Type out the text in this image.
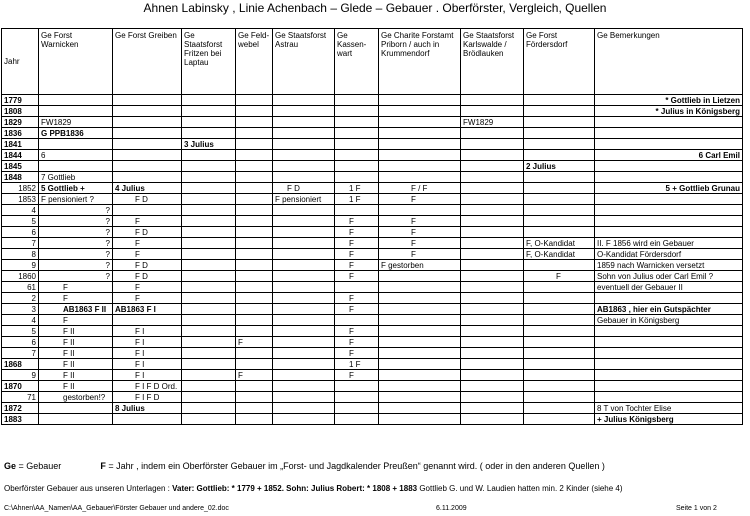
Ahnen Labinsky , Linie Achenbach – Glede – Gebauer . Oberförster, Vergleich, Quellen
Jahr	Ge Forst Warnicken	Ge Forst Greiben	Ge Staatsforst Fritzen bei Laptau	Ge Feld-webel	Ge Staatsforst Astrau	Ge Kassen-wart	Ge Charite Forstamt Priborn / auch in Krummendorf	Ge Staatsforst Karlswalde / Brödlauken	Ge Forst Fördersdorf	Ge Bemerkungen
1779										* Gottlieb in Lietzen
1808										* Julius in Königsberg
1829	FW1829							FW1829		
1836	G PPB1836									
1841			3 Julius							
1844	6									6 Carl Emil
1845									2 Julius	
1848	7 Gottlieb									
1852	5 Gottlieb +	4 Julius			F D	1 F	F / F			5 + Gottlieb Grunau
1853	F pensioniert ?	F D			F pensioniert	1 F	F			
4	?									
5	?	F				F	F			
6	?	F D				F	F			
7	?	F				F	F		F, O-Kandidat	II. F 1856 wird ein Gebauer
8	?	F				F	F		F, O-Kandidat	O-Kandidat Fördersdorf
9	?	F D				F	F gestorben			1859 nach Warnicken versetzt
1860	?	F D				F			F	Sohn von Julius oder Carl Emil ?
61	F	F								eventuell der Gebauer II
2	F	F				F				
3	AB1863 F II	AB1863 F I				F				AB1863 , hier ein Gutspächter
4	F									Gebauer in Königsberg
5	F II	F I				F				
6	F II	F I		F		F				
7	F II	F I				F				
1868	F II	F I				1 F				
9	F II	F I		F		F				
1870	F II	F I F D Ord.								
71	gestorben!?	F I F D								
1872		8 Julius								8 T von Tochter Elise
1883										+ Julius Königsberg
Ge = Gebauer	F = Jahr , indem ein Oberförster Gebauer im „Forst- und Jagdkalender Preußen“ genannt wird. ( oder in den anderen Quellen )
Oberförster Gebauer aus unseren Unterlagen : Vater: Gottlieb: * 1779 + 1852. Sohn: Julius Robert: * 1808 + 1883 Gottlieb G. und W. Laudien hatten min. 2 Kinder (siehe 4)
C:\Ahnen\AA_Namen\AA_Gebauer\Förster Gebauer und andere_02.doc	6.11.2009	Seite 1 von 2
